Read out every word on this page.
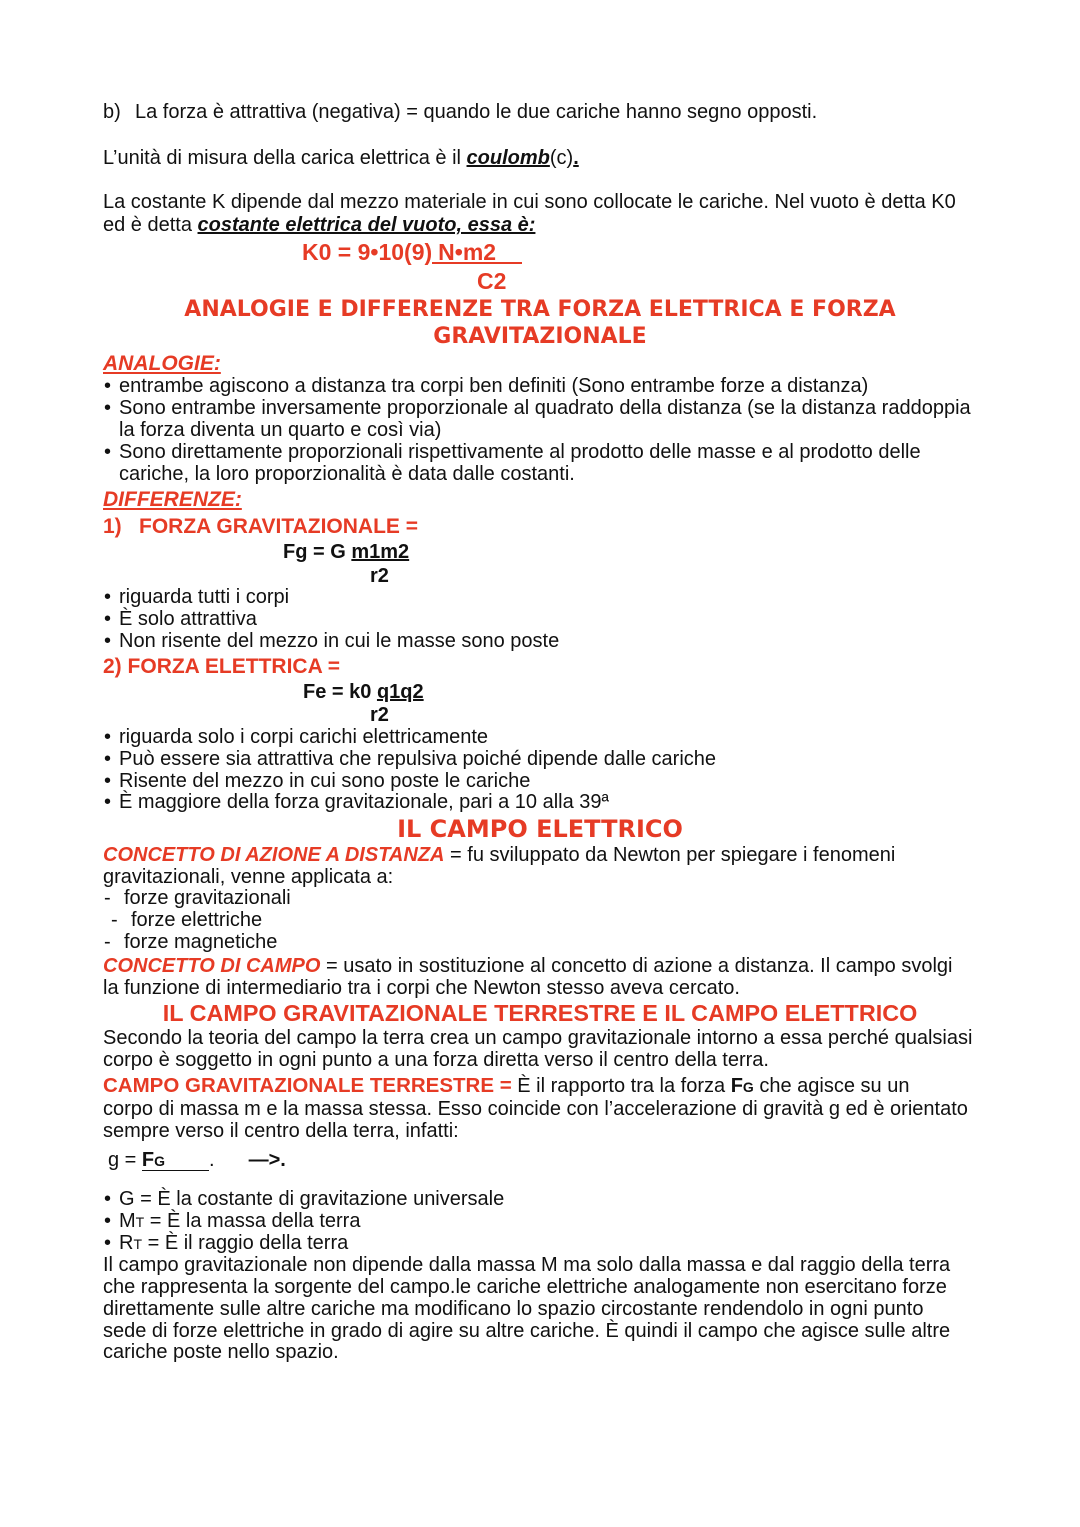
b) La forza è attrattiva (negativa) = quando le due cariche hanno segno opposti.
L’unità di misura della carica elettrica è il coulomb(c).
La costante K dipende dal mezzo materiale in cui sono collocate le cariche. Nel vuoto è detta K0
ed è detta costante elettrica del vuoto, essa è:
K0 = 9•10(9) N•m2
C2
ANALOGIE E DIFFERENZE TRA FORZA ELETTRICA E FORZA
GRAVITAZIONALE
ANALOGIE:
• entrambe agiscono a distanza tra corpi ben definiti (Sono entrambe forze a distanza)
• Sono entrambe inversamente proporzionale al quadrato della distanza (se la distanza raddoppia
la forza diventa un quarto e così via)
• Sono direttamente proporzionali rispettivamente al prodotto delle masse e al prodotto delle
cariche, la loro proporzionalità è data dalle costanti.
DIFFERENZE:
1) FORZA GRAVITAZIONALE =
Fg = G m1m2
r2
• riguarda tutti i corpi
• È solo attrattiva
• Non risente del mezzo in cui le masse sono poste
2) FORZA ELETTRICA =
Fe = k0 q1q2
r2
• riguarda solo i corpi carichi elettricamente
• Può essere sia attrattiva che repulsiva poiché dipende dalle cariche
• Risente del mezzo in cui sono poste le cariche
• È maggiore della forza gravitazionale, pari a 10 alla 39ª
IL CAMPO ELETTRICO
CONCETTO DI AZIONE A DISTANZA = fu sviluppato da Newton per spiegare i fenomeni
gravitazionali, venne applicata a:
- forze gravitazionali
- forze elettriche
- forze magnetiche
CONCETTO DI CAMPO = usato in sostituzione al concetto di azione a distanza. Il campo svolgi
la funzione di intermediario tra i corpi che Newton stesso aveva cercato.
IL CAMPO GRAVITAZIONALE TERRESTRE E IL CAMPO ELETTRICO
Secondo la teoria del campo la terra crea un campo gravitazionale intorno a essa perché qualsiasi
corpo è soggetto in ogni punto a una forza diretta verso il centro della terra.
CAMPO GRAVITAZIONALE TERRESTRE = È il rapporto tra la forza FG che agisce su un
corpo di massa m e la massa stessa. Esso coincide con l’accelerazione di gravità g ed è orientato
sempre verso il centro della terra, infatti:
g = FG . —>.
• G = È la costante di gravitazione universale
• MT = È la massa della terra
• RT = È il raggio della terra
Il campo gravitazionale non dipende dalla massa M ma solo dalla massa e dal raggio della terra
che rappresenta la sorgente del campo.le cariche elettriche analogamente non esercitano forze
direttamente sulle altre cariche ma modificano lo spazio circostante rendendolo in ogni punto
sede di forze elettriche in grado di agire su altre cariche. È quindi il campo che agisce sulle altre
cariche poste nello spazio.
